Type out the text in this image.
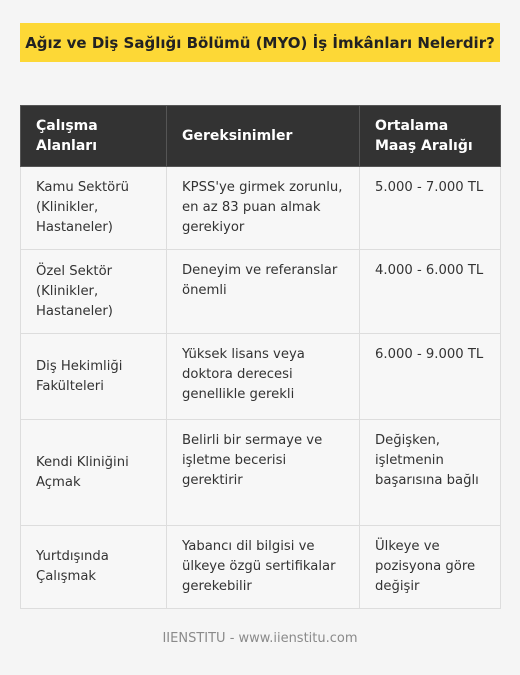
Ağız ve Diş Sağlığı Bölümü (MYO) İş İmkânları Nelerdir?
Çalışma Alanları	Gereksinimler	Ortalama Maaş Aralığı
Kamu Sektörü (Klinikler, Hastaneler)	KPSS'ye girmek zorunlu, en az 83 puan almak gerekiyor	5.000 - 7.000 TL
Özel Sektör (Klinikler, Hastaneler)	Deneyim ve referanslar önemli	4.000 - 6.000 TL
Diş Hekimliği Fakülteleri	Yüksek lisans veya doktora derecesi genellikle gerekli	6.000 - 9.000 TL
Kendi Kliniğini Açmak	Belirli bir sermaye ve işletme becerisi gerektirir	Değişken, işletmenin başarısına bağlı
Yurtdışında Çalışmak	Yabancı dil bilgisi ve ülkeye özgü sertifikalar gerekebilir	Ülkeye ve pozisyona göre değişir
IIENSTITU - www.iienstitu.com
